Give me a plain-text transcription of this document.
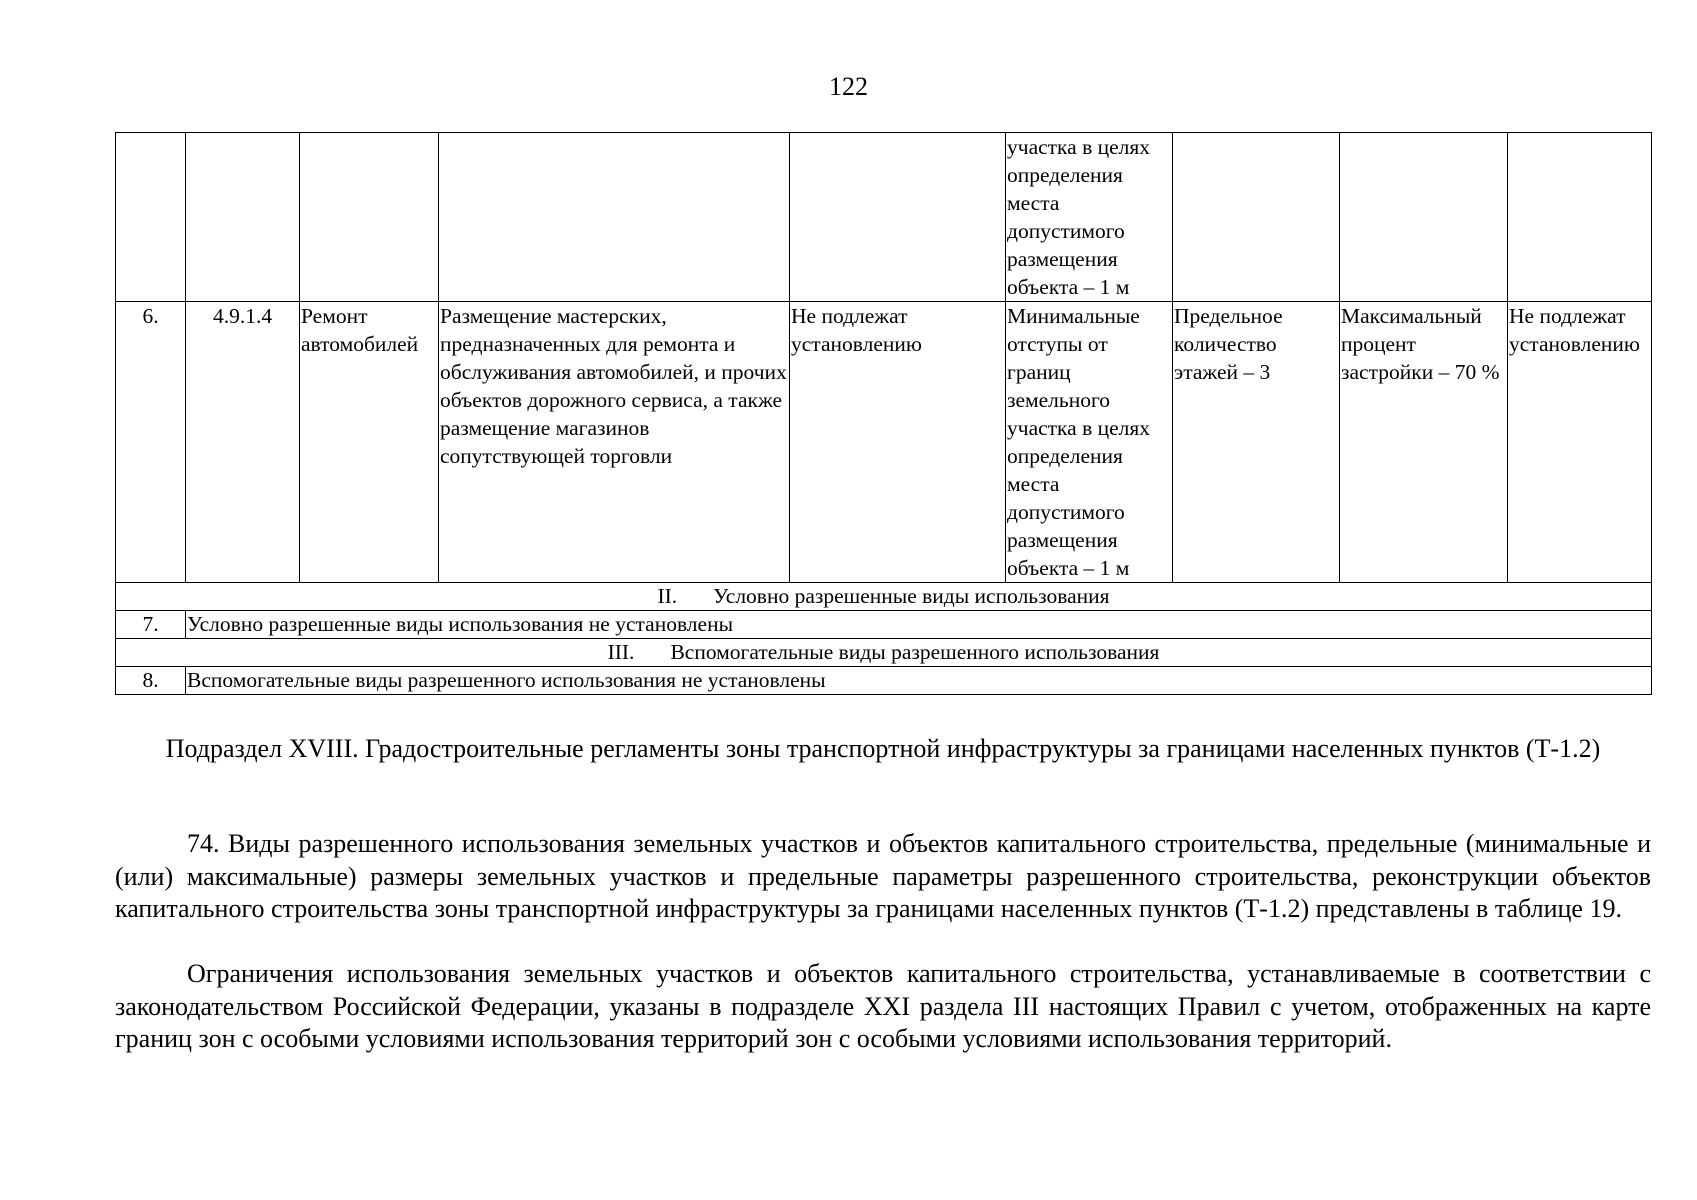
122
					участка в целях определения места допустимого размещения объекта – 1 м			
6.	4.9.1.4	Ремонт автомобилей	Размещение мастерских, предназначенных для ремонта и обслуживания автомобилей, и прочих объектов дорожного сервиса, а также размещение магазинов сопутствующей торговли	Не подлежат установлению	Минимальные отступы от границ земельного участка в целях определения места допустимого размещения объекта – 1 м	Предельное количество этажей – 3	Максимальный процент застройки – 70 %	Не подлежат установлению
II. Условно разрешенные виды использования								
7.	Условно разрешенные виды использования не установлены							
III. Вспомогательные виды разрешенного использования								
8.	Вспомогательные виды разрешенного использования не установлены							
Подраздел XVIII. Градостроительные регламенты зоны транспортной инфраструктуры за границами населенных пунктов (Т-1.2)

74. Виды разрешенного использования земельных участков и объектов капитального строительства, предельные (минимальные и (или) максимальные) размеры земельных участков и предельные параметры разрешенного строительства, реконструкции объектов капитального строительства зоны транспортной инфраструктуры за границами населенных пунктов (Т-1.2) представлены в таблице 19.

Ограничения использования земельных участков и объектов капитального строительства, устанавливаемые в соответствии с законодательством Российской Федерации, указаны в подразделе XXI раздела III настоящих Правил с учетом, отображенных на карте границ зон с особыми условиями использования территорий зон с особыми условиями использования территорий.
